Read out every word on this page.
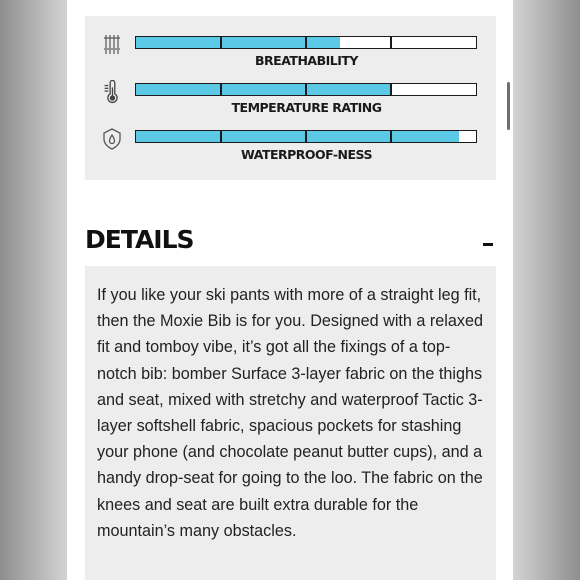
BREATHABILITY
TEMPERATURE RATING
WATERPROOF-NESS
DETAILS

If you like your ski pants with more of a straight leg fit, then the Moxie Bib is for you. Designed with a relaxed fit and tomboy vibe, it’s got all the fixings of a top-notch bib: bomber Surface 3-layer fabric on the thighs and seat, mixed with stretchy and waterproof Tactic 3-layer softshell fabric, spacious pockets for stashing your phone (and chocolate peanut butter cups), and a handy drop-seat for going to the loo. The fabric on the knees and seat are built extra durable for the mountain’s many obstacles.
